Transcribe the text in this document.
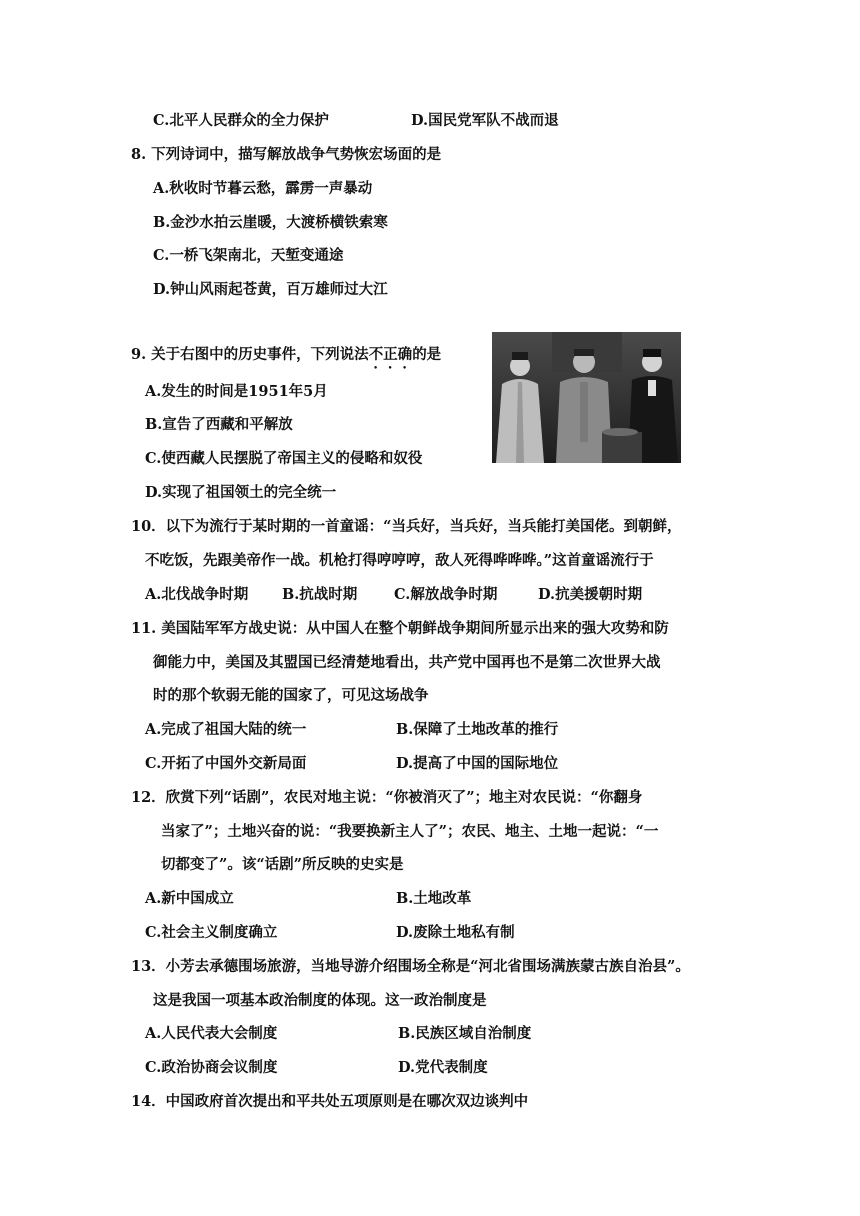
C.北平人民群众的全力保护	D.国民党军队不战而退
8. 下列诗词中，描写解放战争气势恢宏场面的是
A.秋收时节暮云愁，霹雳一声暴动
B.金沙水拍云崖暖，大渡桥横铁索寒
C.一桥飞架南北，天堑变通途
D.钟山风雨起苍黄，百万雄师过大江
9. 关于右图中的历史事件，下列说法不正确的是
A.发生的时间是1951年5月
B.宣告了西藏和平解放
C.使西藏人民摆脱了帝国主义的侵略和奴役
D.实现了祖国领土的完全统一
10．以下为流行于某时期的一首童谣：“当兵好，当兵好，当兵能打美国佬。到朝鲜，
不吃饭，先跟美帝作一战。机枪打得哼哼哼，敌人死得哗哗哗。”这首童谣流行于
A.北伐战争时期 B.抗战时期	C.解放战争时期	D.抗美援朝时期
11. 美国陆军军方战史说：从中国人在整个朝鲜战争期间所显示出来的强大攻势和防
御能力中，美国及其盟国已经清楚地看出，共产党中国再也不是第二次世界大战
时的那个软弱无能的国家了，可见这场战争
A.完成了祖国大陆的统一	B.保障了土地改革的推行
C.开拓了中国外交新局面	D.提高了中国的国际地位
12．欣赏下列“话剧”，农民对地主说：“你被消灭了”；地主对农民说：“你翻身
当家了”；土地兴奋的说：“我要换新主人了”；农民、地主、土地一起说：“一
切都变了”。该“话剧”所反映的史实是
A.新中国成立	B.土地改革
C.社会主义制度确立	D.废除土地私有制
13．小芳去承德围场旅游，当地导游介绍围场全称是“河北省围场满族蒙古族自治县”。
这是我国一项基本政治制度的体现。这一政治制度是
A.人民代表大会制度	B.民族区域自治制度
C.政治协商会议制度	D.党代表制度
14．中国政府首次提出和平共处五项原则是在哪次双边谈判中
